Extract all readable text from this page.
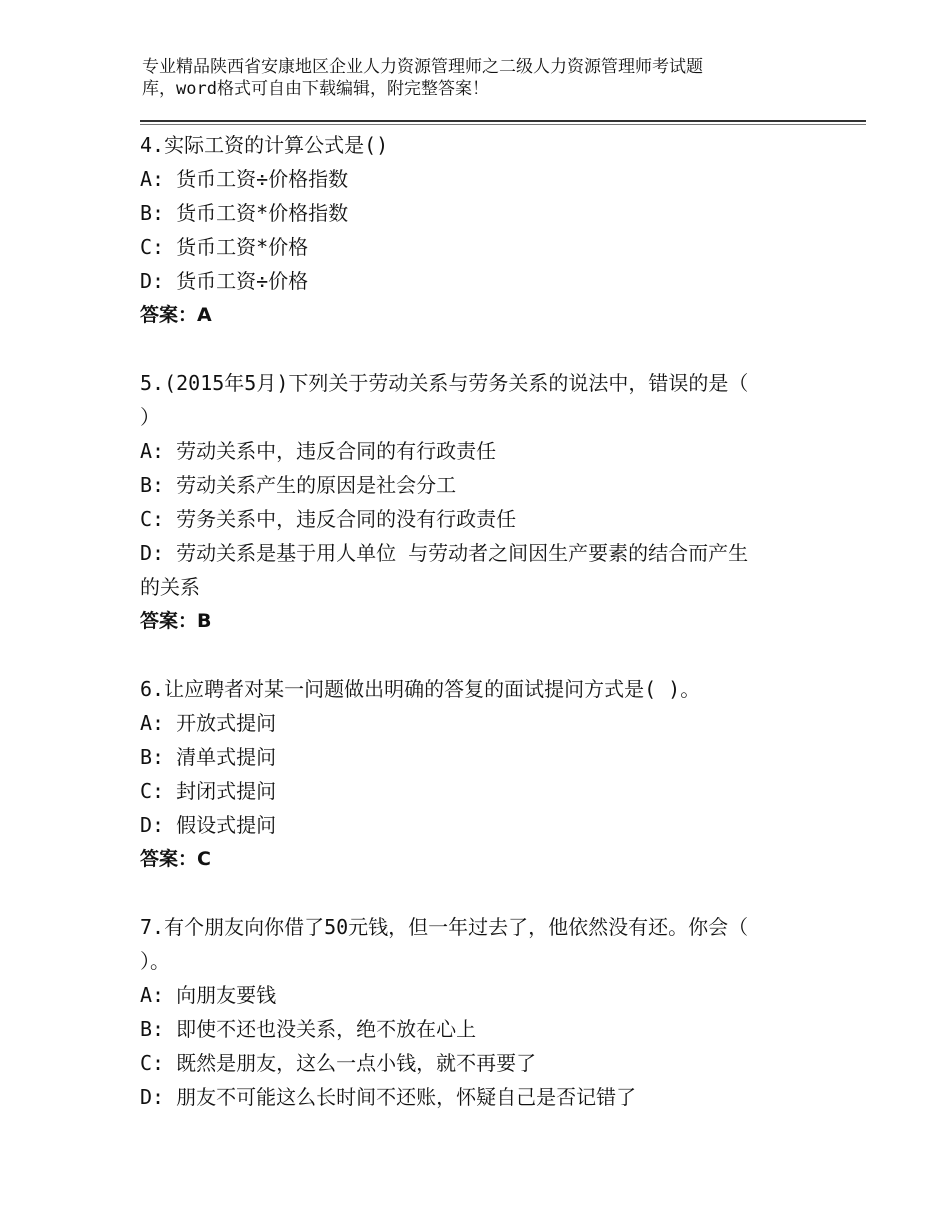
专业精品陕西省安康地区企业人力资源管理师之二级人力资源管理师考试题
库，word格式可自由下载编辑，附完整答案！
4.实际工资的计算公式是()
A: 货币工资÷价格指数
B: 货币工资*价格指数
C: 货币工资*价格
D: 货币工资÷价格
答案：A
5.(2015年5月)下列关于劳动关系与劳务关系的说法中，错误的是（
）
A: 劳动关系中，违反合同的有行政责任
B: 劳动关系产生的原因是社会分工
C: 劳务关系中，违反合同的没有行政责任
D: 劳动关系是基于用人单位 与劳动者之间因生产要素的结合而产生
的关系
答案：B
6.让应聘者对某一问题做出明确的答复的面试提问方式是( )。
A: 开放式提问
B: 清单式提问
C: 封闭式提问
D: 假设式提问
答案：C
7.有个朋友向你借了50元钱，但一年过去了，他依然没有还。你会（
）。
A: 向朋友要钱
B: 即使不还也没关系，绝不放在心上
C: 既然是朋友，这么一点小钱，就不再要了
D: 朋友不可能这么长时间不还账，怀疑自己是否记错了
